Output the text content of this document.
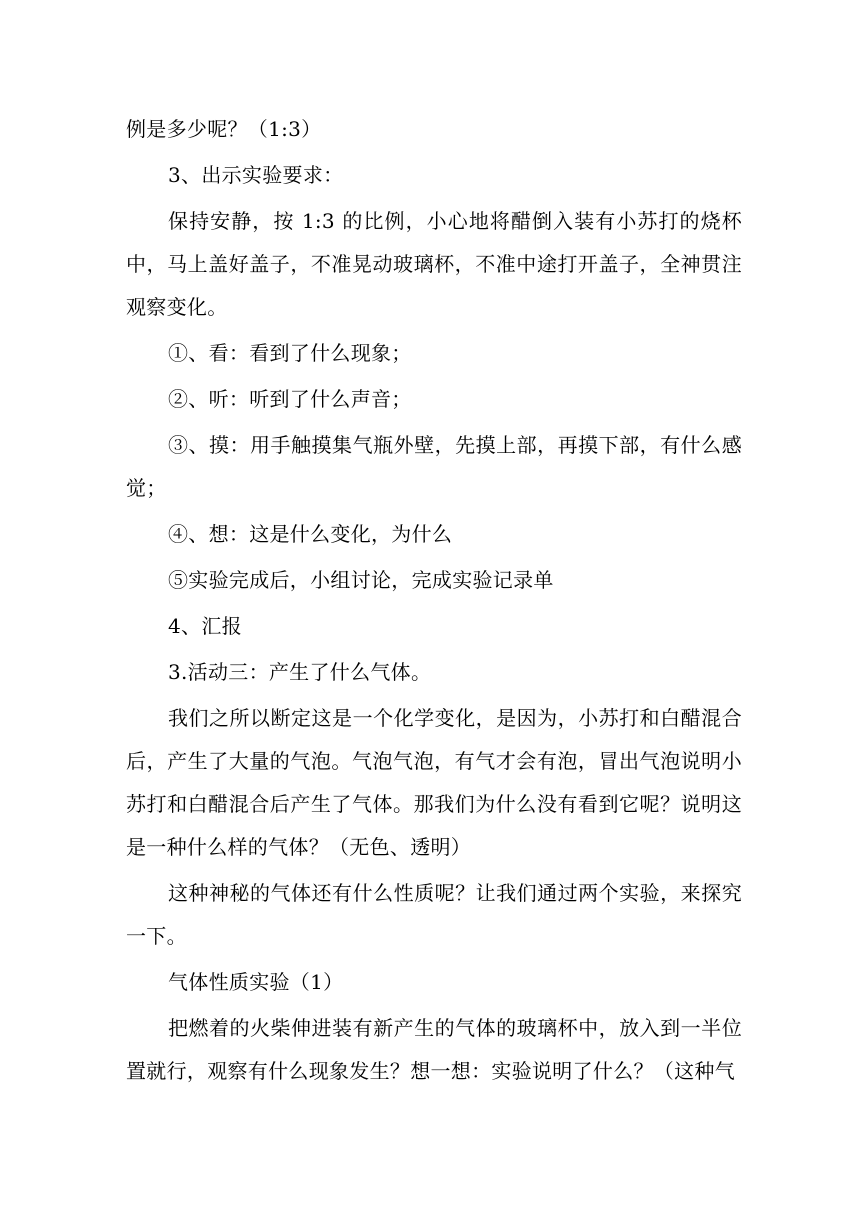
例是多少呢？（1:3）

3、出示实验要求：

保持安静，按 1:3 的比例，小心地将醋倒入装有小苏打的烧杯中，马上盖好盖子，不准晃动玻璃杯，不准中途打开盖子，全神贯注观察变化。

①、看：看到了什么现象；

②、听：听到了什么声音；

③、摸：用手触摸集气瓶外壁，先摸上部，再摸下部，有什么感觉；

④、想：这是什么变化，为什么

⑤实验完成后，小组讨论，完成实验记录单

4、汇报

3.活动三：产生了什么气体。

我们之所以断定这是一个化学变化，是因为，小苏打和白醋混合后，产生了大量的气泡。气泡气泡，有气才会有泡，冒出气泡说明小苏打和白醋混合后产生了气体。那我们为什么没有看到它呢？说明这是一种什么样的气体？（无色、透明）

这种神秘的气体还有什么性质呢？让我们通过两个实验，来探究一下。

气体性质实验（1）

把燃着的火柴伸进装有新产生的气体的玻璃杯中，放入到一半位置就行，观察有什么现象发生？想一想：实验说明了什么？（这种气
